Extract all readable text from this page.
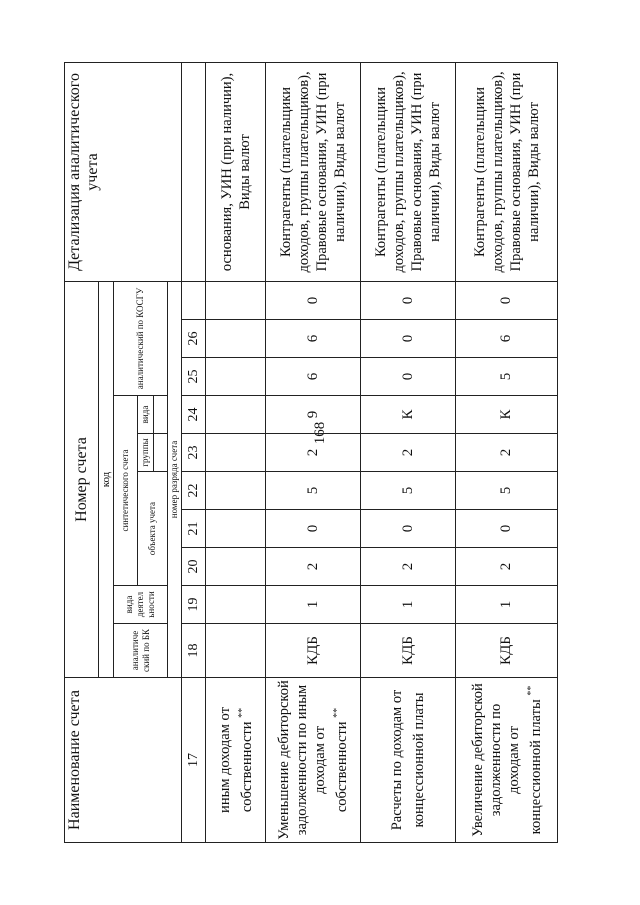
168
Наименование счета	Номер счета										Детализация аналитического учета
	код										
	аналитиче ский по БК	вида деятел ьности	синтетического счета					аналитический по КОСГУ			
			объекта учета			группы	вида				

	номер разряда счета										
17	18	19	20	21	22	23	24	25	26		
иным доходам от собственности **											основания, УИН (при наличии), Виды валют
Уменьшение дебиторской задолженности по иным доходам от собственности **	КДБ	1	2	0	5	2	9	6	6	0	Контрагенты (плательщики доходов, группы плательщиков), Правовые основания, УИН (при наличии), Виды валют
Расчеты по доходам от концессионной платы	КДБ	1	2	0	5	2	К	0	0	0	Контрагенты (плательщики доходов, группы плательщиков), Правовые основания, УИН (при наличии), Виды валют
Увеличение дебиторской задолженности по доходам от концессионной платы **	КДБ	1	2	0	5	2	К	5	6	0	Контрагенты (плательщики доходов, группы плательщиков), Правовые основания, УИН (при наличии), Виды валют
